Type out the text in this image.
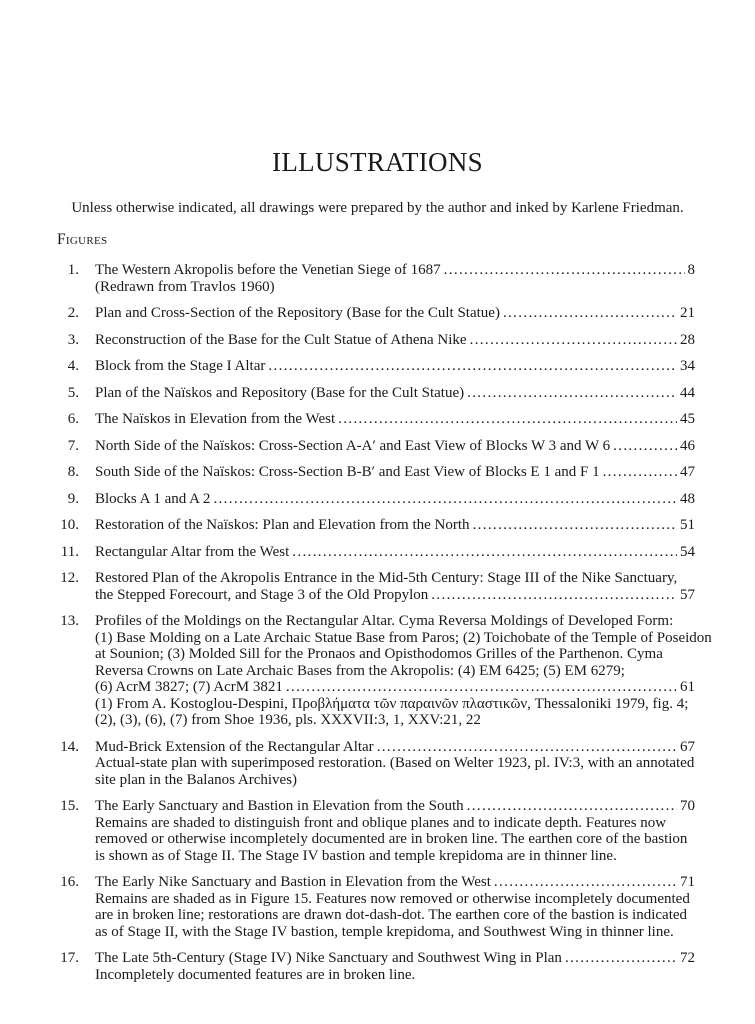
ILLUSTRATIONS
Unless otherwise indicated, all drawings were prepared by the author and inked by Karlene Friedman.
Figures
1. The Western Akropolis before the Venetian Siege of 1687 . . .	8
(Redrawn from Travlos 1960)
2. Plan and Cross-Section of the Repository (Base for the Cult Statue) . . .	21
3. Reconstruction of the Base for the Cult Statue of Athena Nike . . .	28
4. Block from the Stage I Altar . . .	34
5. Plan of the Naïskos and Repository (Base for the Cult Statue) . . .	44
6. The Naïskos in Elevation from the West . . .	45
7. North Side of the Naïskos: Cross-Section A-A′ and East View of Blocks W 3 and W 6 . . .	46
8. South Side of the Naïskos: Cross-Section B-B′ and East View of Blocks E 1 and F 1 . . .	47
9. Blocks A 1 and A 2 . . .	48
10. Restoration of the Naïskos: Plan and Elevation from the North . . .	51
11. Rectangular Altar from the West . . .	54
12. Restored Plan of the Akropolis Entrance in the Mid-5th Century: Stage III of the Nike Sanctuary,
the Stepped Forecourt, and Stage 3 of the Old Propylon . . .	57
13. Profiles of the Moldings on the Rectangular Altar. Cyma Reversa Moldings of Developed Form:
(1) Base Molding on a Late Archaic Statue Base from Paros; (2) Toichobate of the Temple of Poseidon
at Sounion; (3) Molded Sill for the Pronaos and Opisthodomos Grilles of the Parthenon. Cyma
Reversa Crowns on Late Archaic Bases from the Akropolis: (4) EM 6425; (5) EM 6279;
(6) AcrM 3827; (7) AcrM 3821 . . .	61
(1) From A. Kostoglou-Despini, Προβλήματα τῶν παραινῶν πλαστικῶν, Thessaloniki 1979, fig. 4;
(2), (3), (6), (7) from Shoe 1936, pls. XXXVII:3, 1, XXV:21, 22
14. Mud-Brick Extension of the Rectangular Altar . . .	67
Actual-state plan with superimposed restoration. (Based on Welter 1923, pl. IV:3, with an annotated
site plan in the Balanos Archives)
15. The Early Sanctuary and Bastion in Elevation from the South . . .	70
Remains are shaded to distinguish front and oblique planes and to indicate depth. Features now
removed or otherwise incompletely documented are in broken line. The earthen core of the bastion
is shown as of Stage II. The Stage IV bastion and temple krepidoma are in thinner line.
16. The Early Nike Sanctuary and Bastion in Elevation from the West . . .	71
Remains are shaded as in Figure 15. Features now removed or otherwise incompletely documented
are in broken line; restorations are drawn dot-dash-dot. The earthen core of the bastion is indicated
as of Stage II, with the Stage IV bastion, temple krepidoma, and Southwest Wing in thinner line.
17. The Late 5th-Century (Stage IV) Nike Sanctuary and Southwest Wing in Plan . . .	72
Incompletely documented features are in broken line.
